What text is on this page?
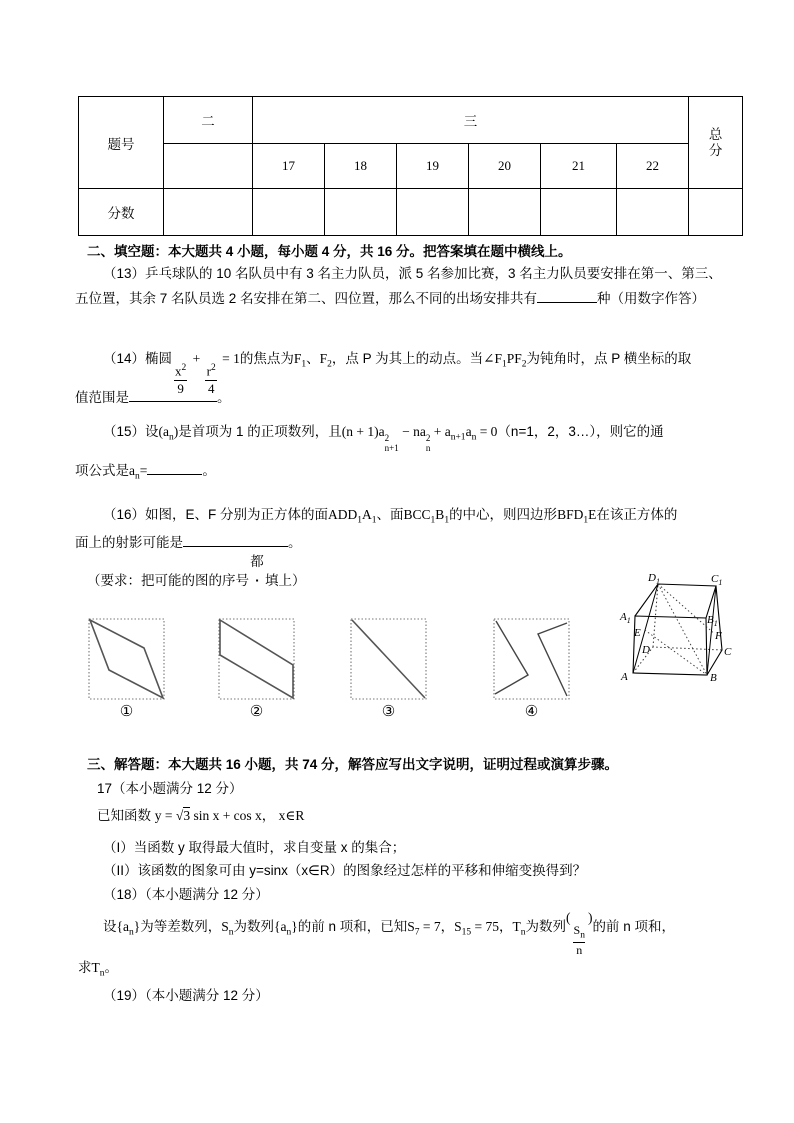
题号	二	三						总分

		17	18	19	20	21	22	
分数								
二、填空题：本大题共 4 小题，每小题 4 分，共 16 分。把答案填在题中横线上。
（13）乒乓球队的 10 名队员中有 3 名主力队员，派 5 名参加比赛，3 名主力队员要安排在第一、第三、
五位置，其余 7 名队员选 2 名安排在第二、四位置，那么不同的出场安排共有	种（用数字作答）
（14）椭圆
$\frac{x^2}{9}$
+
$\frac{r^2}{4}$
= 1的焦点为$F_1$、$F_2$，点 P 为其上的动点。当$\angle F_1PF_2$为钝角时，点 P 横坐标的取
值范围是	。
（15）设$(a_n)$是首项为 1 的正项数列，且(n + 1)a 2
n+1
− na 2
n
+ $a_{n+1}a_n = 0(n=1$，2，3…），则它的通
项公式是$a_n=$	。
（16）如图，E、F 分别为正方体的面$ADD_1A_1$、面$BCC_1B_1$的中心，则四边形$BFD_1E$在该正方体的
面上的射影可能是	。
（要求：把可能的图的序号
都
▪ 填上）	$D_1$	$C_1$
$A_1$	$B_1$
E	F
D	C
A	B
①	②	③	④
三、解答题：本大题共 16 小题，共 74 分，解答应写出文字说明，证明过程或演算步骤。
17（本小题满分 12 分）
已知函数 y = √3 sin x + cos x， x∈R
（I）当函数 y 取得最大值时，求自变量 x 的集合；
（II）该函数的图象可由 y=sinx（x∈R）的图象经过怎样的平移和伸缩变换得到？
（18）（本小题满分 12 分）
设$\{a_n\}$为等差数列，$S_n$为数列$\{a_n\}$的前 n 项和，已知$S_7 = 7$，$S_{15} = 75$，$T_n$为数列(
$\frac{S_n}{n}$
)的前 n 项和，
求$T_n$。
（19）（本小题满分 12 分）
